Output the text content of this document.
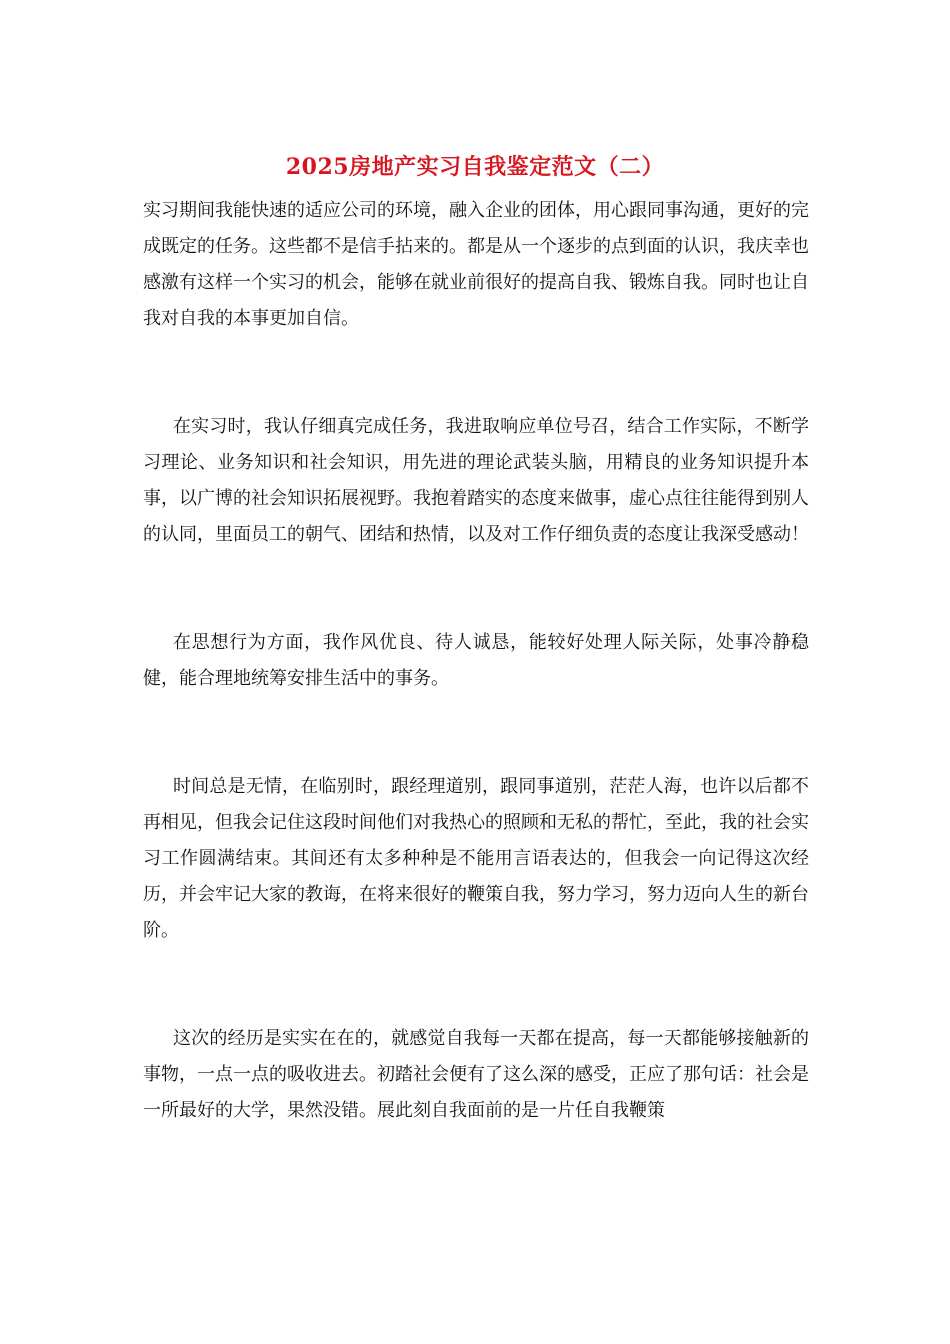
2025房地产实习自我鉴定范文（二）

实习期间我能快速的适应公司的环境，融入企业的团体，用心跟同事沟通，更好的完成既定的任务。这些都不是信手拈来的。都是从一个逐步的点到面的认识，我庆幸也感激有这样一个实习的机会，能够在就业前很好的提高自我、锻炼自我。同时也让自我对自我的本事更加自信。

在实习时，我认仔细真完成任务，我进取响应单位号召，结合工作实际，不断学习理论、业务知识和社会知识，用先进的理论武装头脑，用精良的业务知识提升本事，以广博的社会知识拓展视野。我抱着踏实的态度来做事，虚心点往往能得到别人的认同，里面员工的朝气、团结和热情，以及对工作仔细负责的态度让我深受感动！

在思想行为方面，我作风优良、待人诚恳，能较好处理人际关际，处事冷静稳健，能合理地统筹安排生活中的事务。

时间总是无情，在临别时，跟经理道别，跟同事道别，茫茫人海，也许以后都不再相见，但我会记住这段时间他们对我热心的照顾和无私的帮忙，至此，我的社会实习工作圆满结束。其间还有太多种种是不能用言语表达的，但我会一向记得这次经历，并会牢记大家的教诲，在将来很好的鞭策自我，努力学习，努力迈向人生的新台阶。

这次的经历是实实在在的，就感觉自我每一天都在提高，每一天都能够接触新的事物，一点一点的吸收进去。初踏社会便有了这么深的感受，正应了那句话：社会是一所最好的大学，果然没错。展此刻自我面前的是一片任自我鞭策
